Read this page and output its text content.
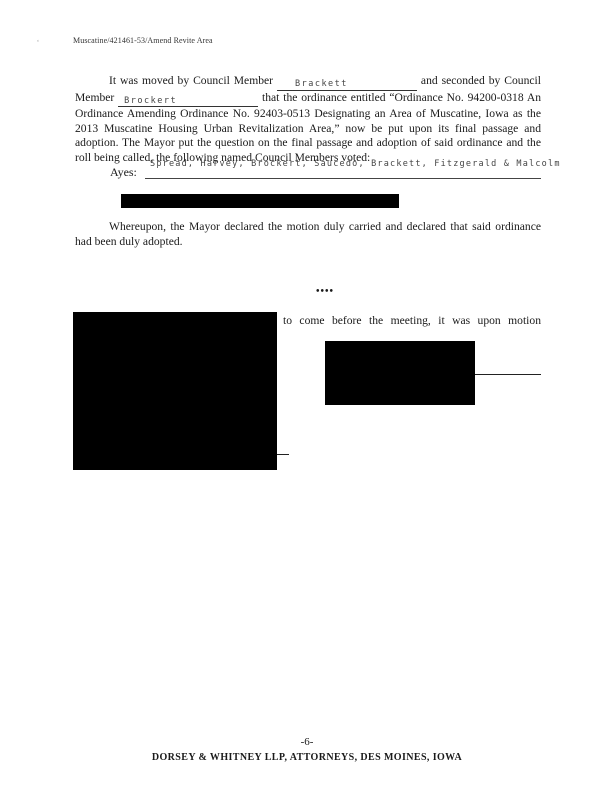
‘	Muscatine/421461-53/Amend Revite Area
It was moved by Council Member	Brackett	and seconded by Council Member Brockert	that the ordinance entitled “Ordinance No. 94200-0318 An Ordinance Amending Ordinance No. 92403-0513 Designating an Area of Muscatine, Iowa as the 2013 Muscatine Housing Urban Revitalization Area,” now be put upon its final passage and adoption. The Mayor put the question on the final passage and adoption of said ordinance and the roll being called, the following named Council Members voted:
Ayes:
Spread, Harvey, Brockert, Saucedo, Brackett, Fitzgerald & Malcolm
Whereupon, the Mayor declared the motion duly carried and declared that said ordinance had been duly adopted.
••••
to come before the meeting, it was upon motion
-6-
DORSEY & WHITNEY LLP, ATTORNEYS, DES MOINES, IOWA
